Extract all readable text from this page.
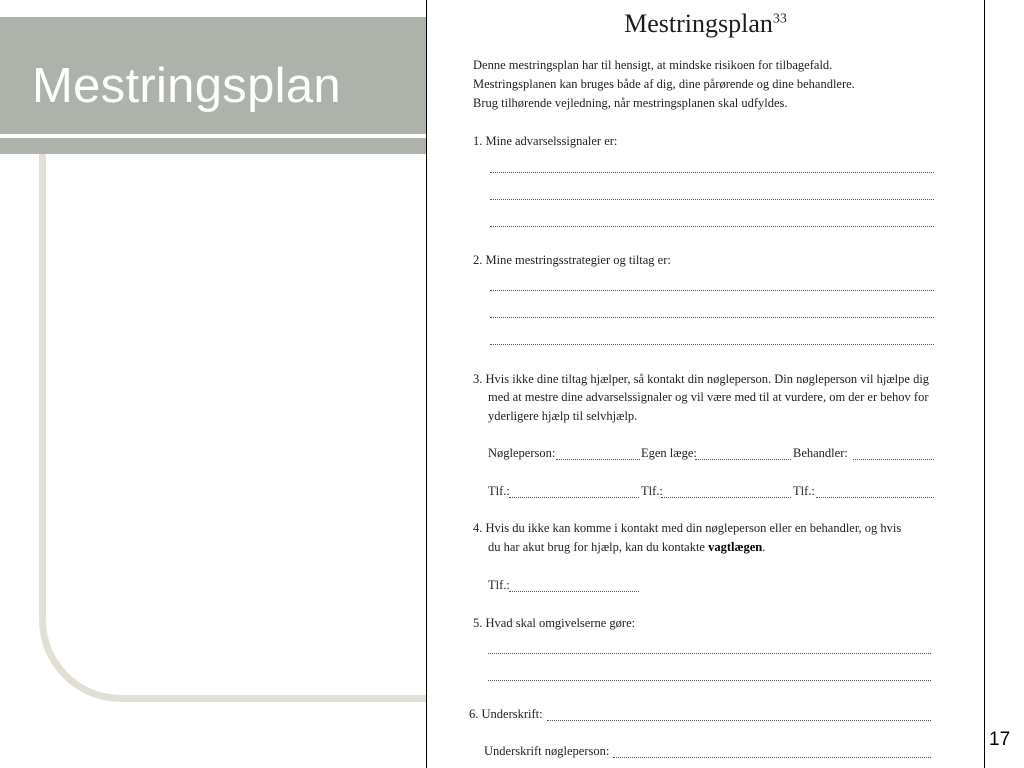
Mestringsplan
17
Mestringsplan$^{33}$
Denne mestringsplan har til hensigt, at mindske risikoen for tilbagefald.
Mestringsplanen kan bruges både af dig, dine pårørende og dine behandlere.
Brug tilhørende vejledning, når mestringsplanen skal udfyldes.
1. Mine advarselssignaler er:
2. Mine mestringsstrategier og tiltag er:
3. Hvis ikke dine tiltag hjælper, så kontakt din nøgleperson. Din nøgleperson vil hjælpe dig
med at mestre dine advarselssignaler og vil være med til at vurdere, om der er behov for
yderligere hjælp til selvhjælp.
Nøgleperson:	Egen læge:	Behandler:
Tlf.:	Tlf.:	Tlf.:
4. Hvis du ikke kan komme i kontakt med din nøgleperson eller en behandler, og hvis
du har akut brug for hjælp, kan du kontakte vagtlægen.
Tlf.:
5. Hvad skal omgivelserne gøre:
6. Underskrift:
Underskrift nøgleperson:
